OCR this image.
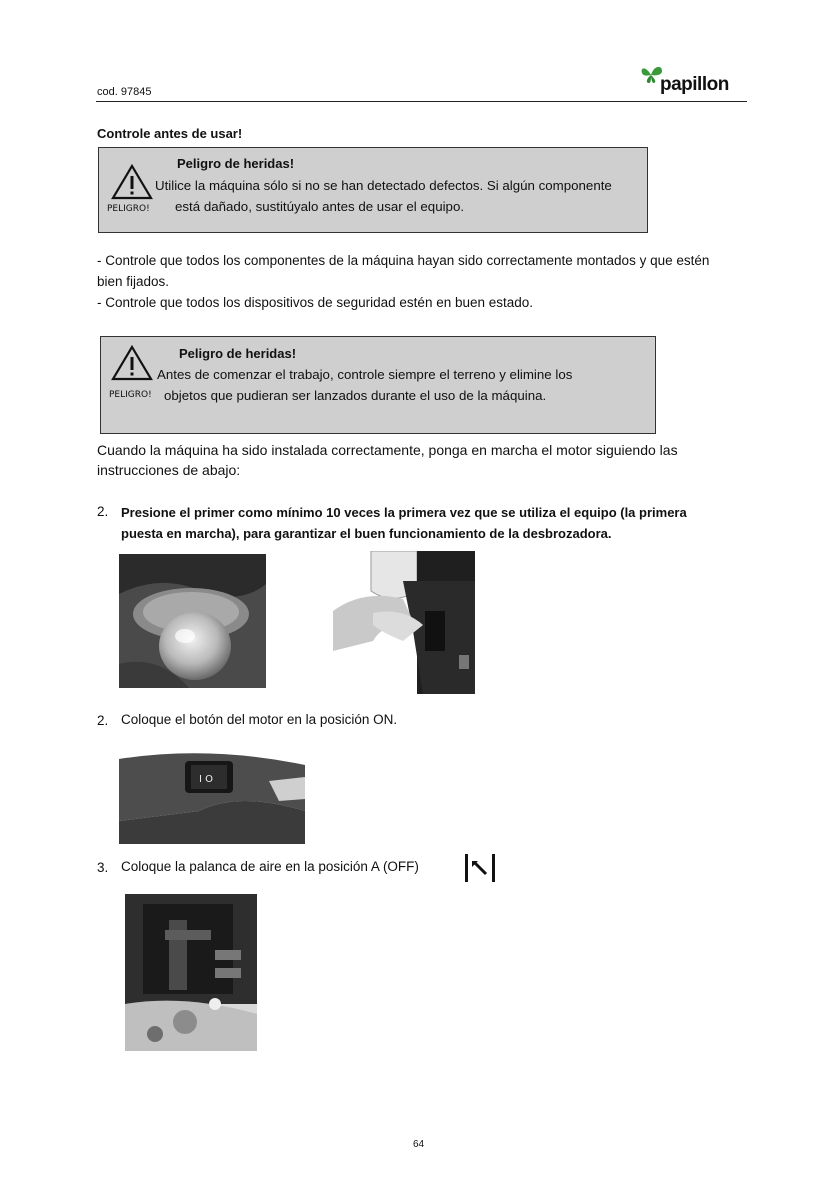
cod. 97845	papillon
Controle antes de usar!
PELIGRO!
Peligro de heridas!
Utilice la máquina sólo si no se han detectado defectos. Si algún componente
está dañado, sustitúyalo antes de usar el equipo.
- Controle que todos los componentes de la máquina hayan sido correctamente montados y que estén
bien fijados.
- Controle que todos los dispositivos de seguridad estén en buen estado.
PELIGRO!
Peligro de heridas!
Antes de comenzar el trabajo, controle siempre el terreno y elimine los
objetos que pudieran ser lanzados durante el uso de la máquina.
Cuando la máquina ha sido instalada correctamente, ponga en marcha el motor siguiendo las
instrucciones de abajo:
2. Presione el primer como mínimo 10 veces la primera vez que se utiliza el equipo (la primera
puesta en marcha), para garantizar el buen funcionamiento de la desbrozadora.
2. Coloque el botón del motor en la posición ON.
I O
3. Coloque la palanca de aire en la posición A (OFF)
64
